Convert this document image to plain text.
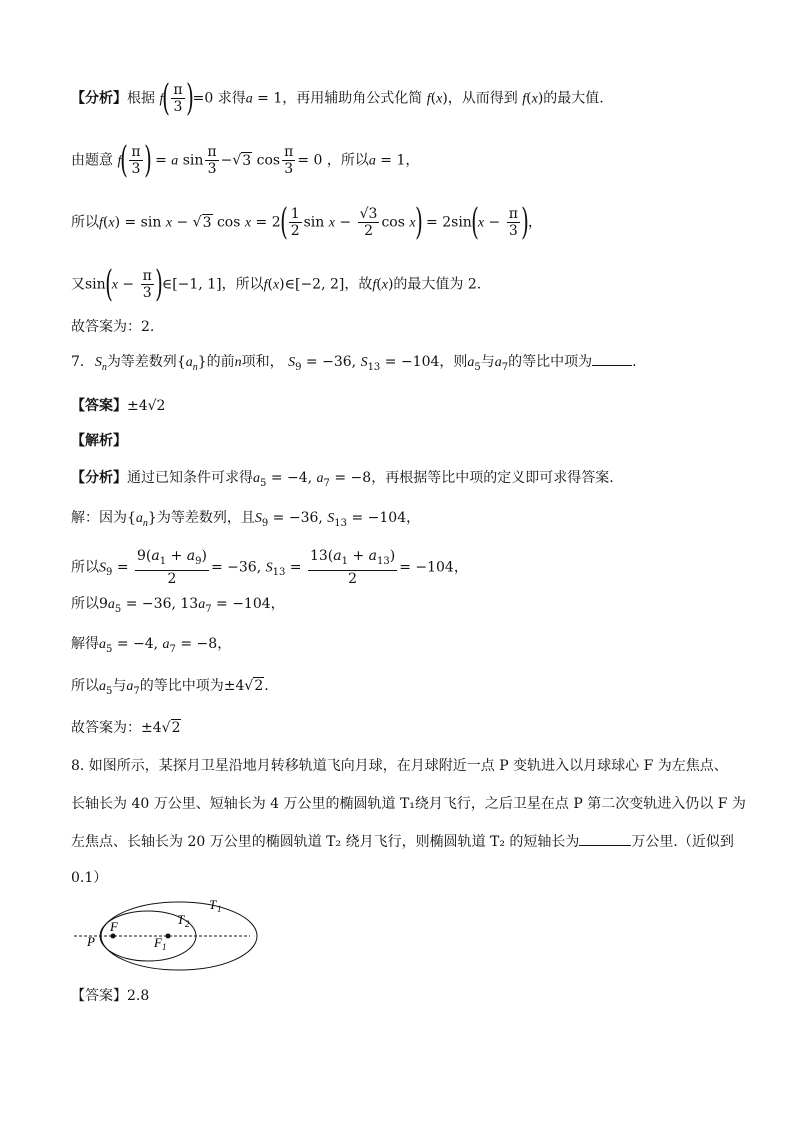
【分析】根据 $f( \frac{\pi}{3} )=0$ 求得a = 1，再用辅助角公式化简 f(x)，从而得到 f(x)的最大值.
由题意 $f( \frac{\pi}{3}$ ) = a $\sin \frac{\pi}{3} -√3$ $\cos \frac{\pi}{3} = 0$ ，所以a = 1，
所以f(x) = sin x − √3 $\cos x = 2( \frac{1}{2}$ $\sin x - \frac{√3}{2}$ $\cos x) = 2\sin(x - \frac{\pi}{3}$ )，
又$\sin(x - \frac{\pi}{3}$ )∈[−1, 1]，所以f(x)∈[−2, 2]，故f(x)的最大值为 2.
故答案为：2.
7. $S_n$为等差数列$\{a_n\}$的前n项和， $S_9 = -36$, $S_{13} = -104$，则$a_5$与$a_7$的等比中项为	.
【答案】±4√2
【解析】
【分析】通过已知条件可求得$a_5 = -4$, $a_7 = -8$，再根据等比中项的定义即可求得答案.
解：因为$\{a_n\}$为等差数列，且$S_9 = -36$, $S_{13} = -104$，
所以$S_9 = \frac{9(a_1 + a_9)}{2} = -36$, $S_{13} = \frac{13(a_1 + a_{13})}{2} = -104$，
所以$9a_5 = -36$, $13a_7 = -104$，
解得$a_5 = -4$, $a_7 = -8$，
所以$a_5$与$a_7$的等比中项为±4√2.
故答案为：±4√2
8. 如图所示，某探月卫星沿地月转移轨道飞向月球，在月球附近一点 P 变轨进入以月球球心 F 为左焦点、
长轴长为 40 万公里、短轴长为 4 万公里的椭圆轨道 T₁绕月飞行，之后卫星在点 P 第二次变轨进入仍以 F 为
左焦点、长轴长为 20 万公里的椭圆轨道 T₂ 绕月飞行，则椭圆轨道 T₂ 的短轴长为	万公里.（近似到
0.1）
T 1
T 2
F
F 1
P
【答案】2.8
